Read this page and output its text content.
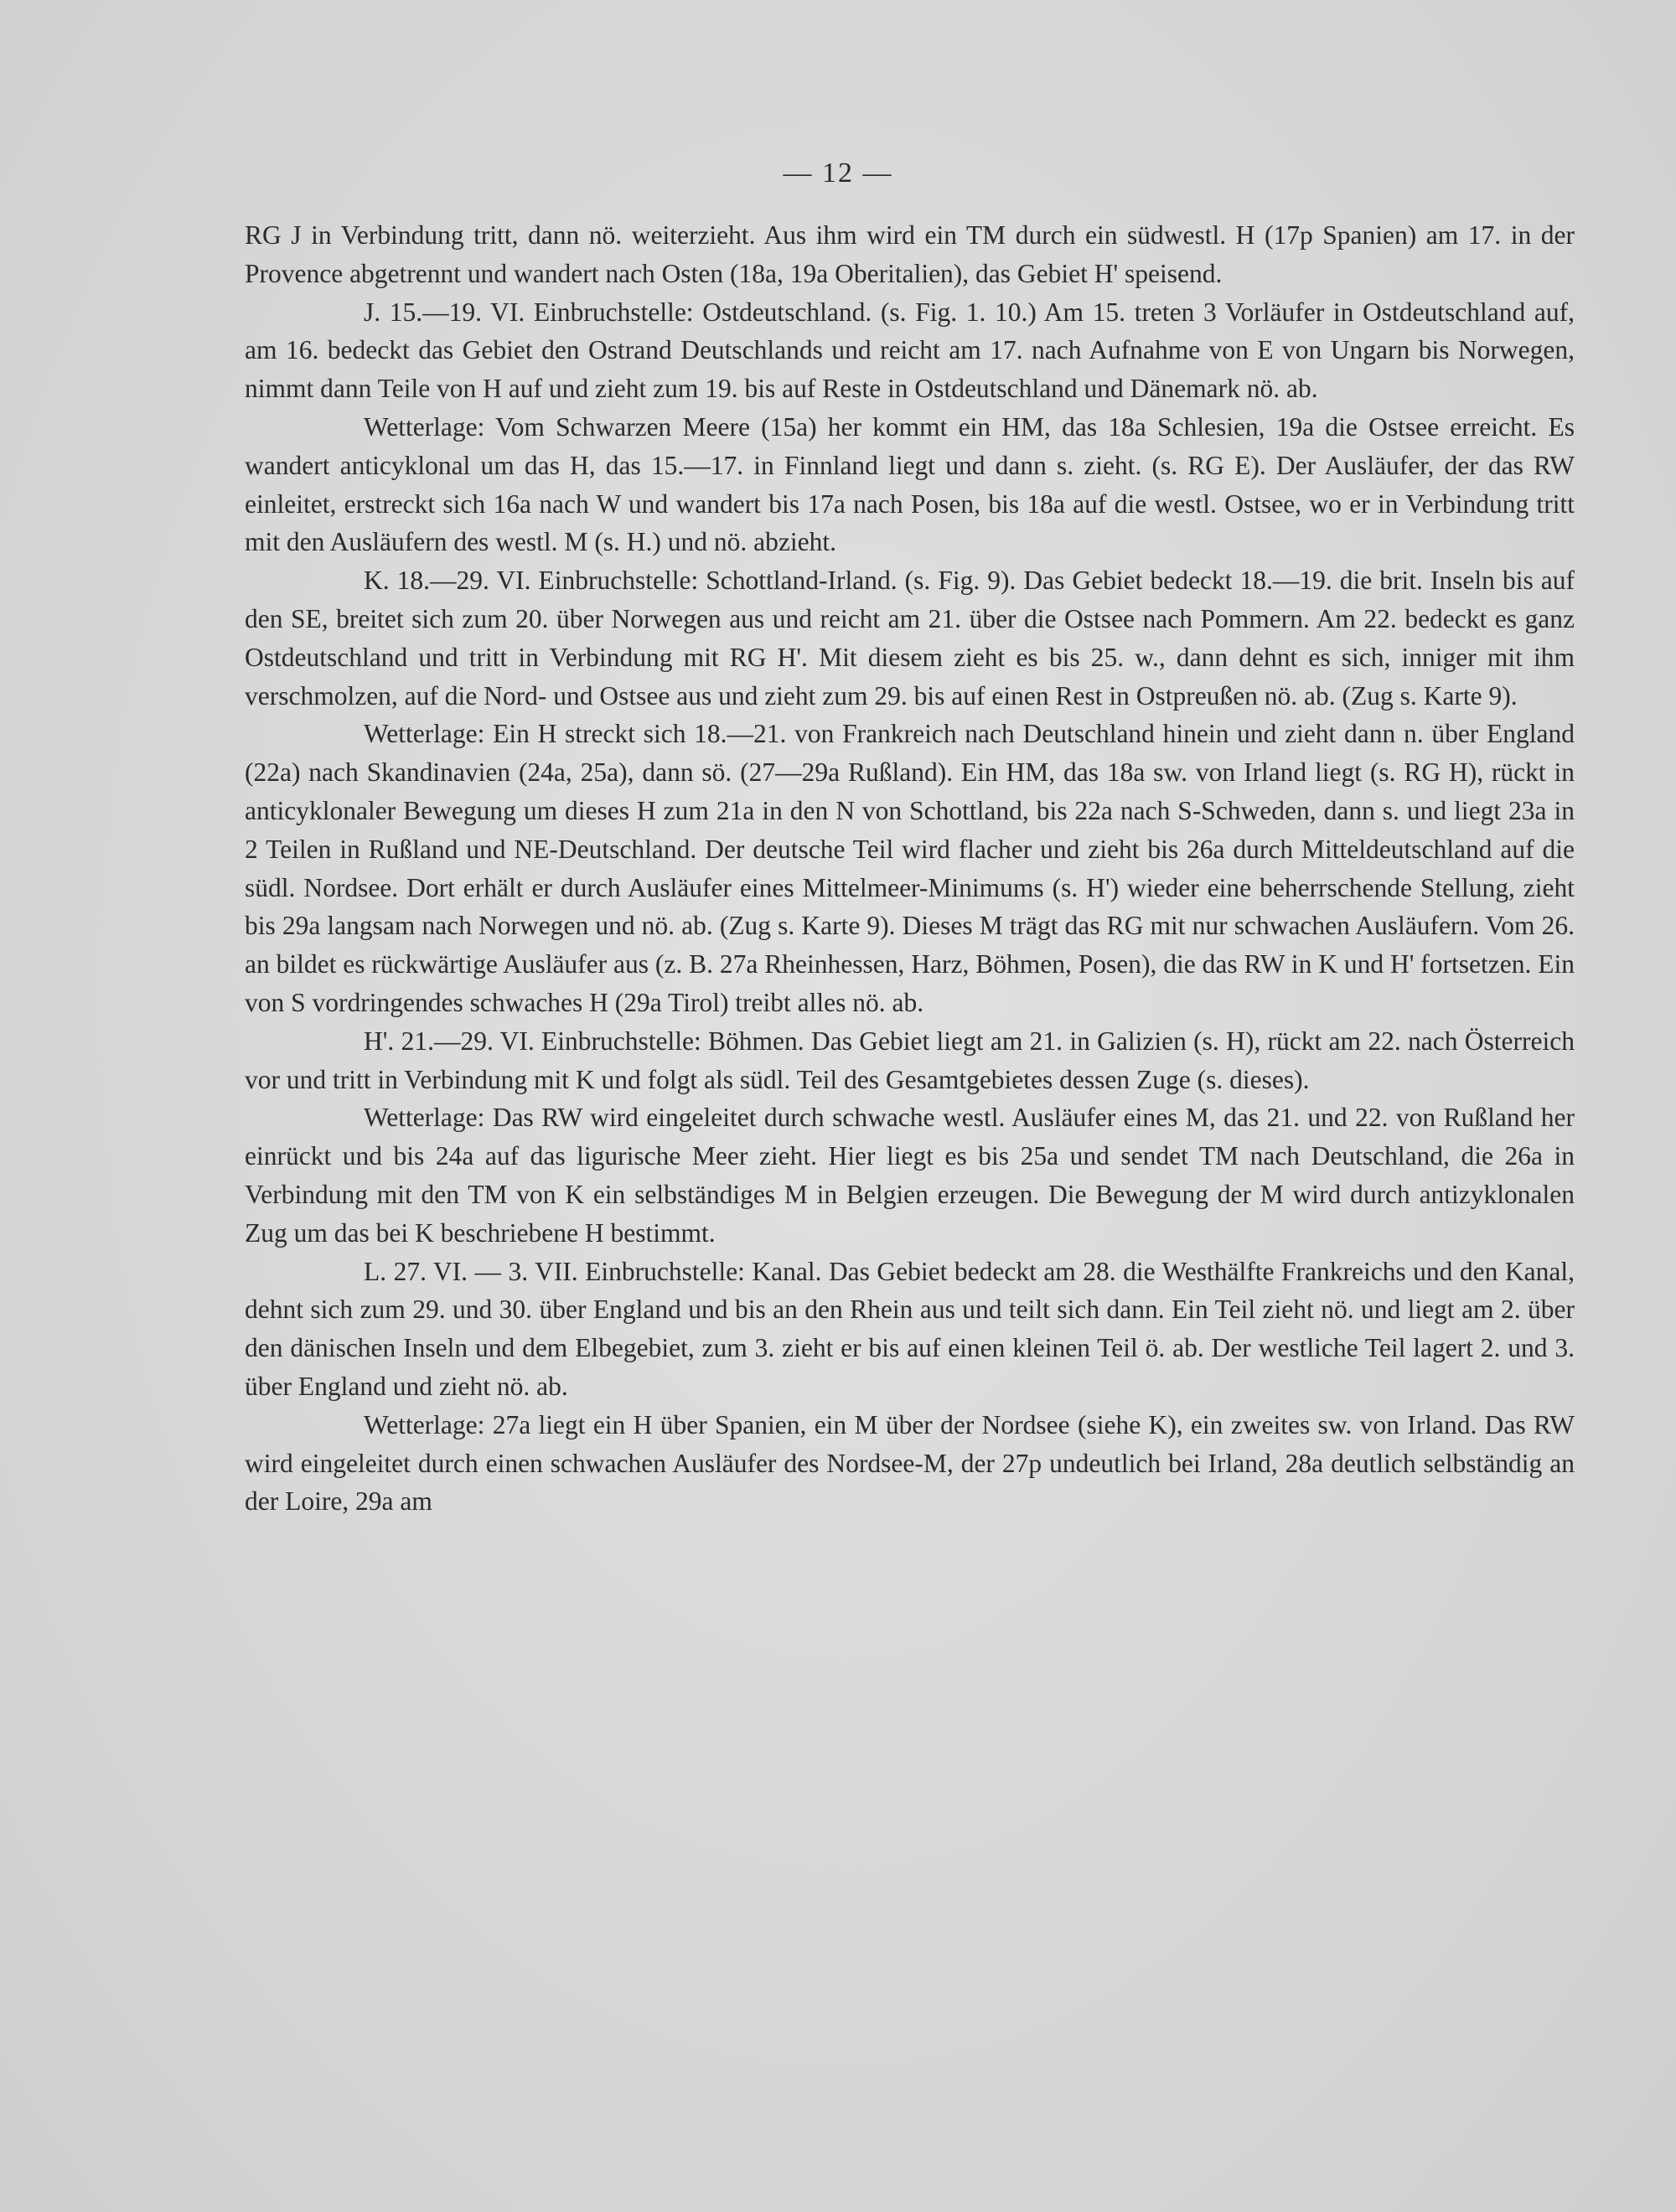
— 12 —

RG J in Verbindung tritt, dann nö. weiterzieht. Aus ihm wird ein TM durch ein südwestl. H (17p Spanien) am 17. in der Provence abgetrennt und wandert nach Osten (18a, 19a Oberitalien), das Gebiet H' speisend.

J. 15.—19. VI. Einbruchstelle: Ostdeutschland. (s. Fig. 1. 10.) Am 15. treten 3 Vorläufer in Ostdeutschland auf, am 16. bedeckt das Gebiet den Ostrand Deutschlands und reicht am 17. nach Aufnahme von E von Ungarn bis Norwegen, nimmt dann Teile von H auf und zieht zum 19. bis auf Reste in Ostdeutschland und Dänemark nö. ab.

Wetterlage: Vom Schwarzen Meere (15a) her kommt ein HM, das 18a Schlesien, 19a die Ostsee erreicht. Es wandert anticyklonal um das H, das 15.—17. in Finnland liegt und dann s. zieht. (s. RG E). Der Ausläufer, der das RW einleitet, erstreckt sich 16a nach W und wandert bis 17a nach Posen, bis 18a auf die westl. Ostsee, wo er in Verbindung tritt mit den Ausläufern des westl. M (s. H.) und nö. abzieht.

K. 18.—29. VI. Einbruchstelle: Schottland-Irland. (s. Fig. 9). Das Gebiet bedeckt 18.—19. die brit. Inseln bis auf den SE, breitet sich zum 20. über Norwegen aus und reicht am 21. über die Ostsee nach Pommern. Am 22. bedeckt es ganz Ostdeutschland und tritt in Verbindung mit RG H'. Mit diesem zieht es bis 25. w., dann dehnt es sich, inniger mit ihm verschmolzen, auf die Nord- und Ostsee aus und zieht zum 29. bis auf einen Rest in Ostpreußen nö. ab. (Zug s. Karte 9).

Wetterlage: Ein H streckt sich 18.—21. von Frankreich nach Deutschland hinein und zieht dann n. über England (22a) nach Skandinavien (24a, 25a), dann sö. (27—29a Rußland). Ein HM, das 18a sw. von Irland liegt (s. RG H), rückt in anticyklonaler Bewegung um dieses H zum 21a in den N von Schottland, bis 22a nach S-Schweden, dann s. und liegt 23a in 2 Teilen in Rußland und NE-Deutschland. Der deutsche Teil wird flacher und zieht bis 26a durch Mitteldeutschland auf die südl. Nordsee. Dort erhält er durch Ausläufer eines Mittelmeer-Minimums (s. H') wieder eine beherrschende Stellung, zieht bis 29a langsam nach Norwegen und nö. ab. (Zug s. Karte 9). Dieses M trägt das RG mit nur schwachen Ausläufern. Vom 26. an bildet es rückwärtige Ausläufer aus (z. B. 27a Rheinhessen, Harz, Böhmen, Posen), die das RW in K und H' fortsetzen. Ein von S vordringendes schwaches H (29a Tirol) treibt alles nö. ab.

H'. 21.—29. VI. Einbruchstelle: Böhmen. Das Gebiet liegt am 21. in Galizien (s. H), rückt am 22. nach Österreich vor und tritt in Verbindung mit K und folgt als südl. Teil des Gesamtgebietes dessen Zuge (s. dieses).

Wetterlage: Das RW wird eingeleitet durch schwache westl. Ausläufer eines M, das 21. und 22. von Rußland her einrückt und bis 24a auf das ligurische Meer zieht. Hier liegt es bis 25a und sendet TM nach Deutschland, die 26a in Verbindung mit den TM von K ein selbständiges M in Belgien erzeugen. Die Bewegung der M wird durch antizyklonalen Zug um das bei K beschriebene H bestimmt.

L. 27. VI. — 3. VII. Einbruchstelle: Kanal. Das Gebiet bedeckt am 28. die Westhälfte Frankreichs und den Kanal, dehnt sich zum 29. und 30. über England und bis an den Rhein aus und teilt sich dann. Ein Teil zieht nö. und liegt am 2. über den dänischen Inseln und dem Elbegebiet, zum 3. zieht er bis auf einen kleinen Teil ö. ab. Der westliche Teil lagert 2. und 3. über England und zieht nö. ab.

Wetterlage: 27a liegt ein H über Spanien, ein M über der Nordsee (siehe K), ein zweites sw. von Irland. Das RW wird eingeleitet durch einen schwachen Ausläufer des Nordsee-M, der 27p undeutlich bei Irland, 28a deutlich selbständig an der Loire, 29a am
